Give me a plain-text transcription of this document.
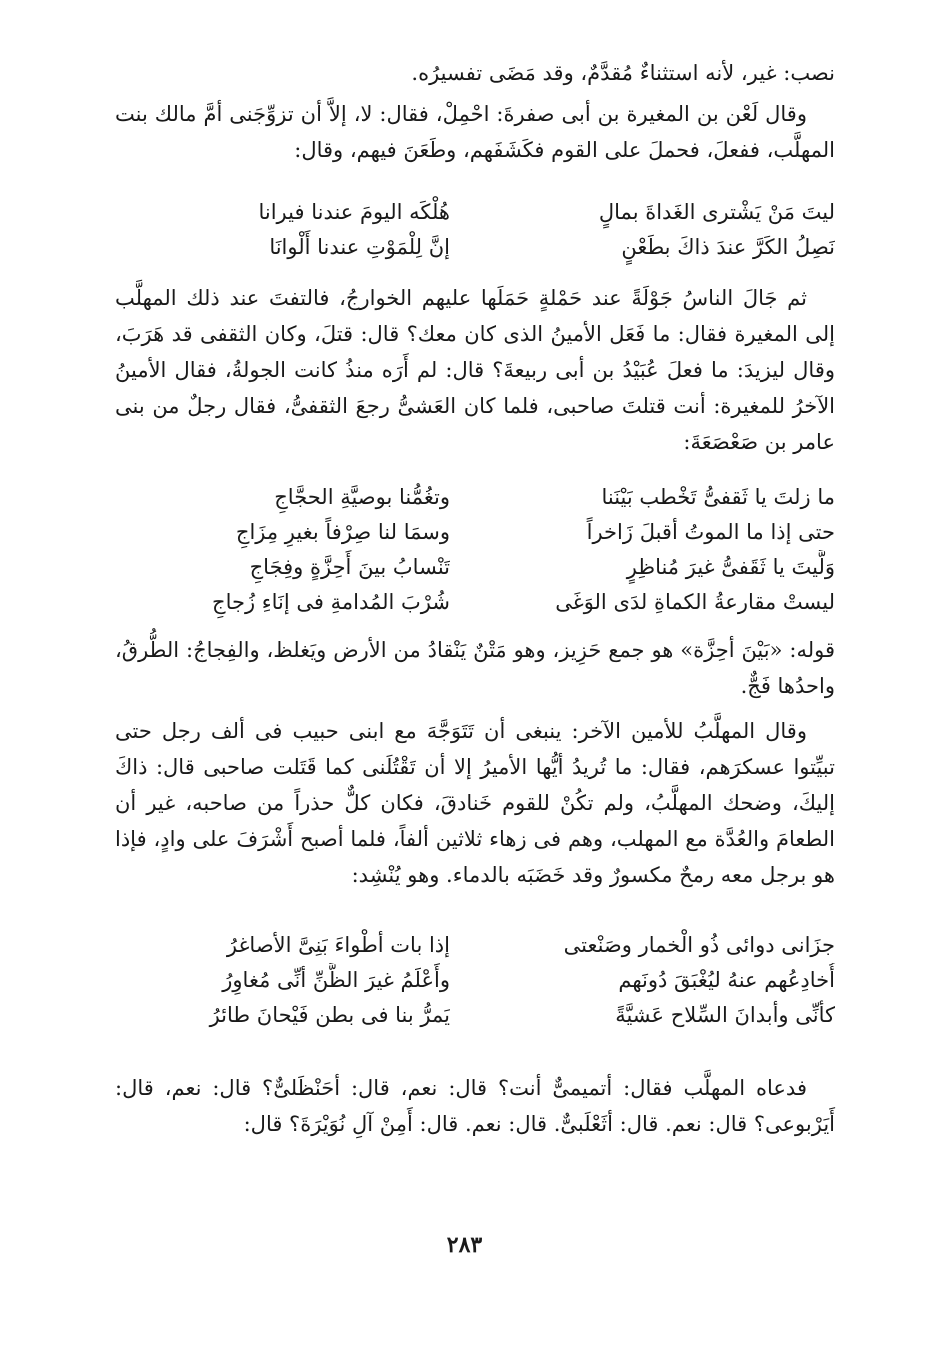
نصب: غير، لأنه استثناءٌ مُقدَّمٌ، وقد مَضَى تفسيرُه.
وقال لَعْن بن المغيرة بن أبى صفرةَ: احْمِلْ، فقال: لا، إلاَّ أن تزوِّجَنى أمَّ مالك بنت المهلَّب، ففعلَ، فحملَ على القوم فكَشَفَهم، وطَعَنَ فيهم، وقال:
ليتَ مَنْ يَشْترى الغَداةَ بمالٍ
هُلْكَه اليومَ عندنا فيرانا
نَصِلُ الكَرَّ عندَ ذاكَ بطَعْنٍ
إنَّ لِلْمَوْتِ عندنا أَلْوانَا
ثم جَالَ الناسُ جَوْلَةً عند حَمْلةٍ حَمَلَها عليهم الخوارجُ، فالتفتَ عند ذلك المهلَّب إلى المغيرة فقال: ما فَعَل الأمينُ الذى كان معك؟ قال: قتلَ، وكان الثقفى قد هَرَبَ، وقال ليزيدَ: ما فعلَ عُبَيْدُ بن أبى ربيعةَ؟ قال: لم أَرَه منذُ كانت الجولةُ، فقال الأمينُ الآخرُ للمغيرة: أنت قتلتَ صاحبى، فلما كان العَشىُّ رجعَ الثقفىُّ، فقال رجلٌ من بنى عامر بن صَعْصَعَةَ:
ما زلتَ يا ثَقفىُّ تَخْطب بَيْنَنا
وتغُمُّنا بوصيَّةِ الحجَّاجِ
حتى إذا ما الموتُ أقبلَ زَاخراً
وسمَا لنا صِرْفاً بغيرِ مِزَاجِ
وَلَّيتَ يا ثَقَفىُّ غيرَ مُناظِرٍ
تَنْسابُ بينَ أَحِزَّةٍ وفِجَاجِ
ليستْ مقارعةُ الكماةِ لدَى الوَغَى
شُرْبَ المُدامةِ فى إنَاءِ زُجاجِ
قوله: «بَيْنَ أحِزَّة» هو جمع حَزِيز، وهو مَتْنٌ يَنْقادُ من الأرض ويَغلظ، والفِجاجُ: الطُّرقُ، واحدُها فَجٌّ.
وقال المهلَّبُ للأمين الآخر: ينبغى أن تَتَوَجَّهَ مع ابنى حبيب فى ألف رجل حتى تبيِّتوا عسكرَهم، فقال: ما تُريدُ أيُّها الأميرُ إلا أن تَقْتُلَنى كما قَتَلت صاحبى قال: ذاكَ إليكَ، وضحك المهلَّبُ، ولم تكُنْ للقوم خَنادقَ، فكان كلٌّ حذراً من صاحبه، غير أن الطعامَ والعُدَّة مع المهلب، وهم فى زهاء ثلاثين ألفاً، فلما أصبح أَشْرَفَ على وادٍ، فإذا هو برجل معه رمحٌ مكسورٌ وقد خَضَبَه بالدماء. وهو يُنْشِد:
جزَانى دوائى ذُو الْخمار وصَنْعتى
إذا بات أطْواءَ بَنِىَّ الأصاغرُ
أُخادِعُهم عنهُ ليُغْبَقَ دُونَهم
وأَعْلَمُ غيرَ الظَّنِّ أنِّى مُغاوِرُ
كأنِّى وأبدانَ السِّلاح عَشيَّةً
يَمرُّ بنا فى بطن فَيْحانَ طائرُ
فدعاه المهلَّب فقال: أتميمىٌّ أنت؟ قال: نعم، قال: أحَنْظَلىٌّ؟ قال: نعم، قال: أَيَرْبوعى؟ قال: نعم. قال: أثَعْلَبىٌّ. قال: نعم. قال: أَمِنْ آلِ نُوَيْرَةَ؟ قال:
٢٨٣
